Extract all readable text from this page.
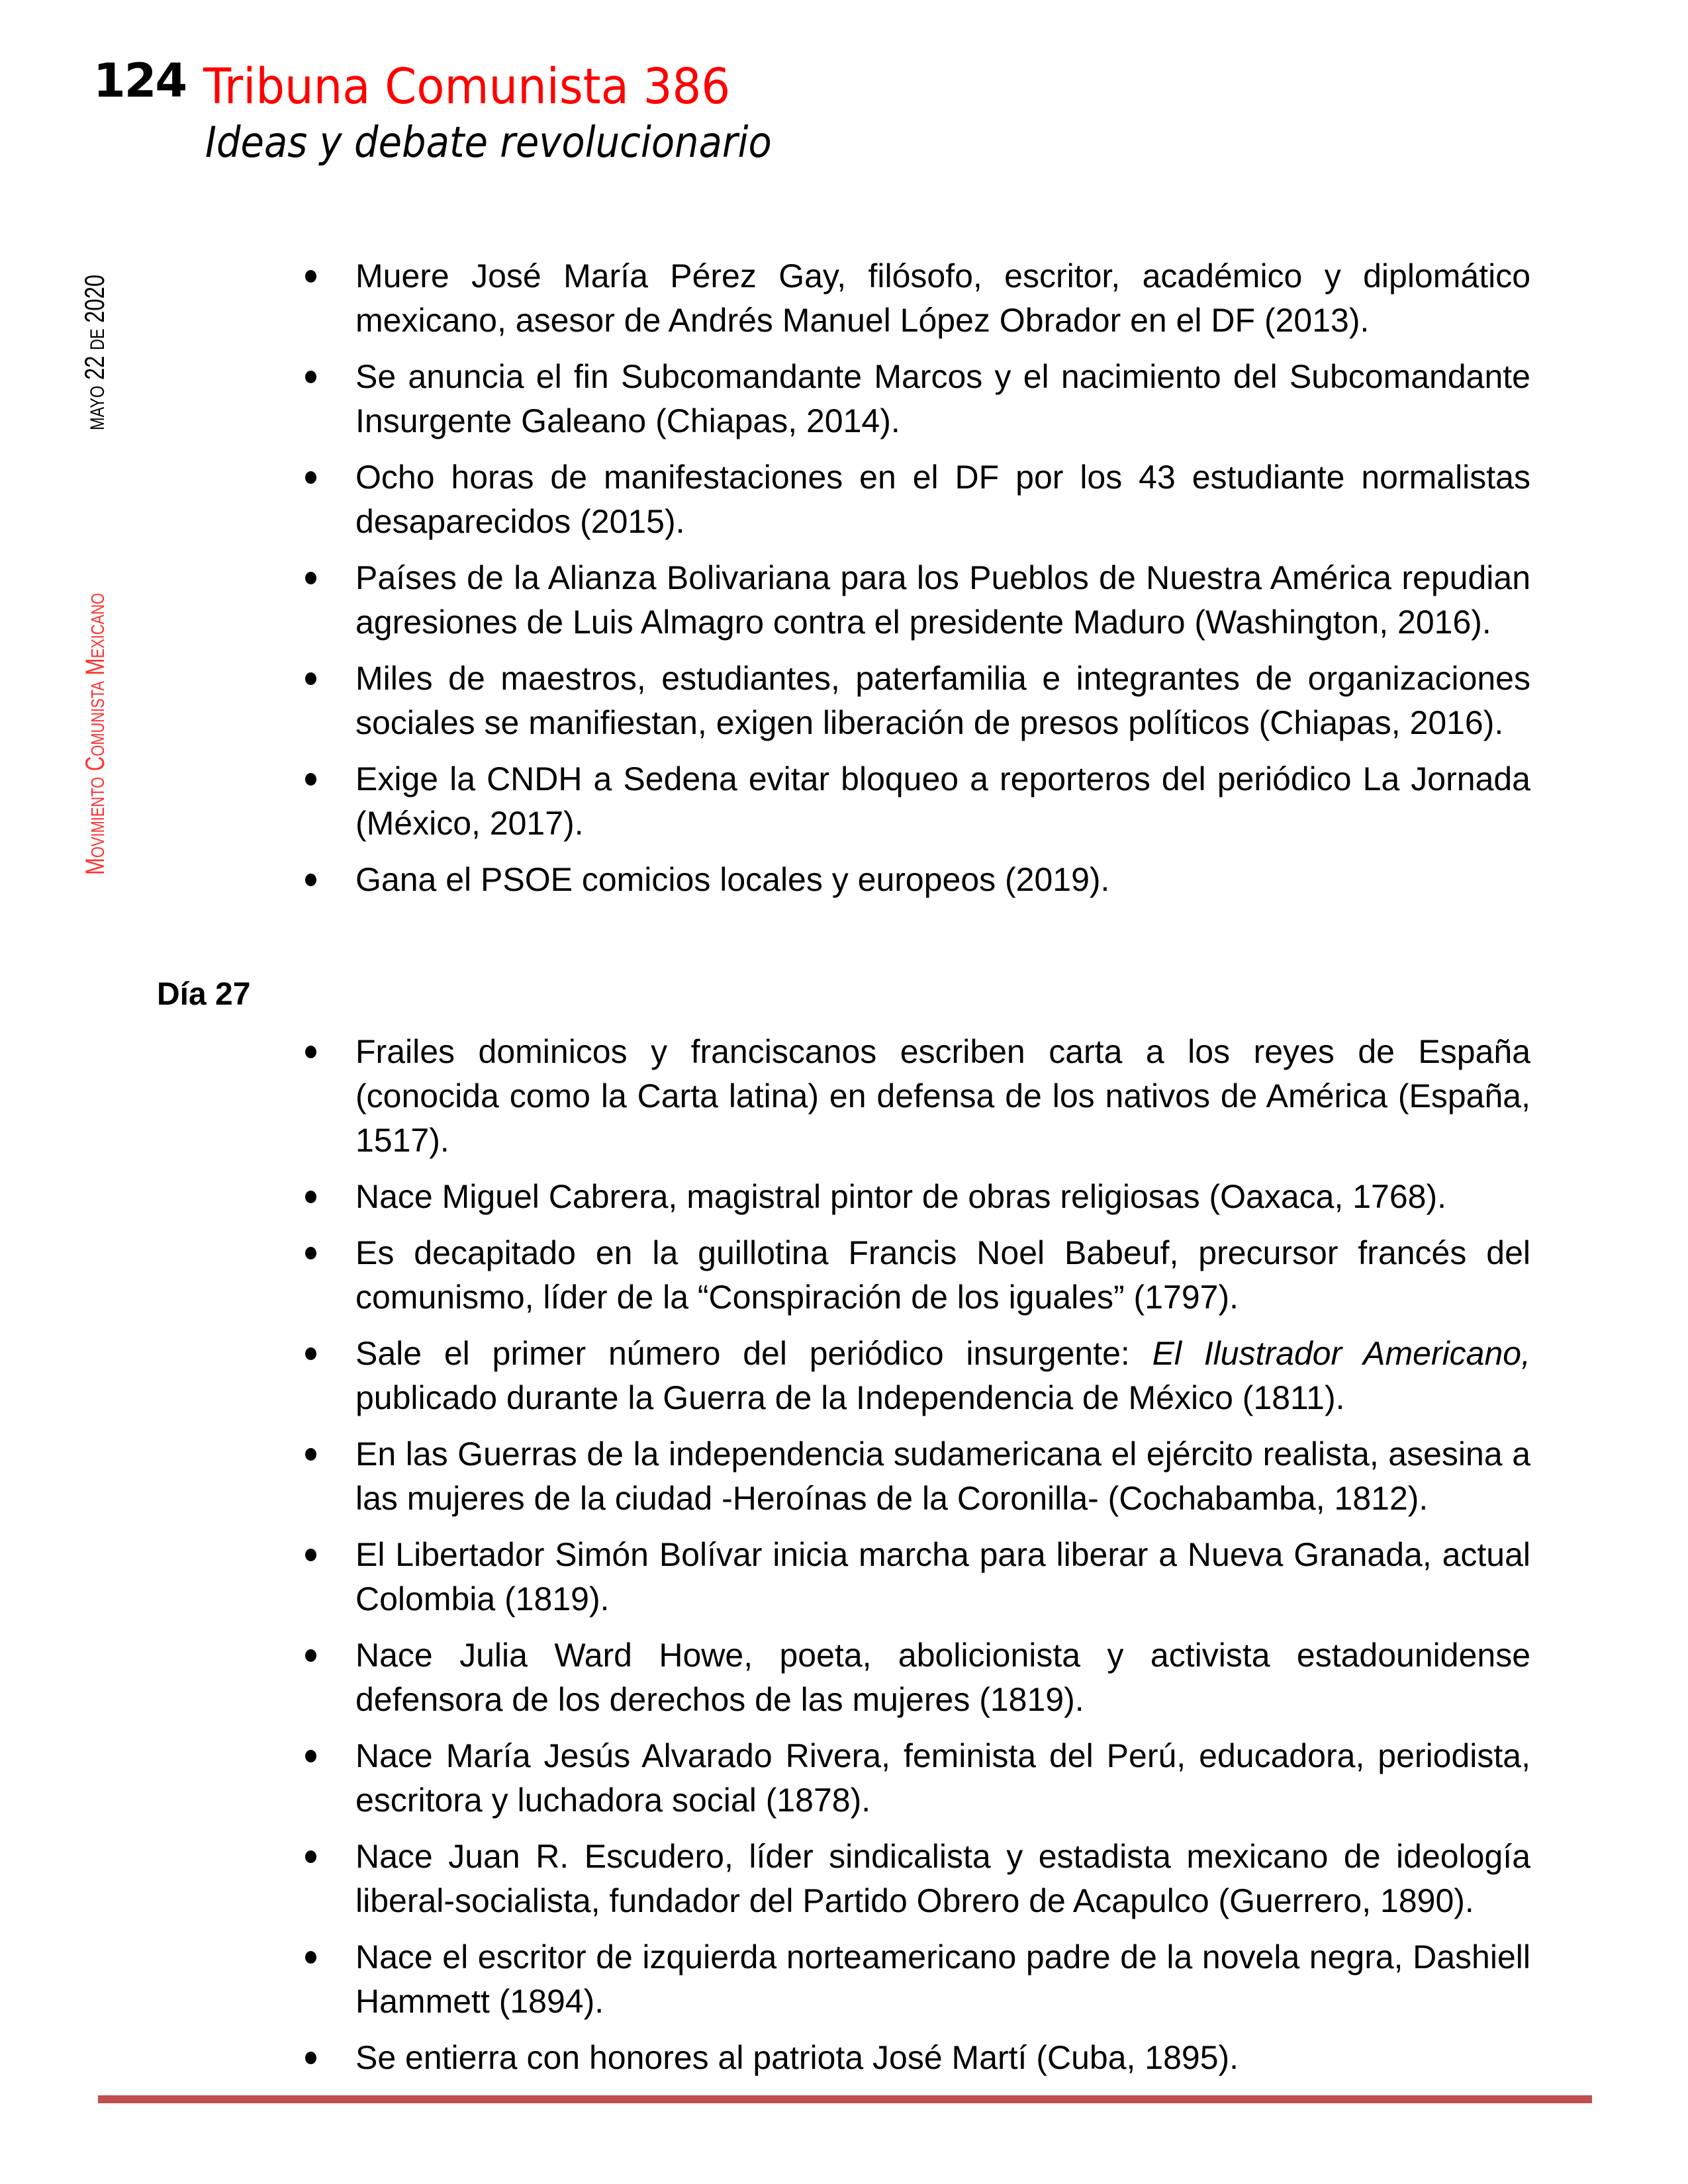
124 Tribuna Comunista 386
Ideas y debate revolucionario
Movimiento Comunista Mexicano
MAYO 22 DE 2020	Muere José María Pérez Gay, filósofo, escritor, académico y diplomático mexicano, asesor de Andrés Manuel López Obrador en el DF (2013).
Se anuncia el fin Subcomandante Marcos y el nacimiento del Subcomandante Insurgente Galeano (Chiapas, 2014).
Ocho horas de manifestaciones en el DF por los 43 estudiante normalistas desaparecidos (2015).
Países de la Alianza Bolivariana para los Pueblos de Nuestra América repudian agresiones de Luis Almagro contra el presidente Maduro (Washington, 2016).
Miles de maestros, estudiantes, paterfamilia e integrantes de organizaciones sociales se manifiestan, exigen liberación de presos políticos (Chiapas, 2016).
Exige la CNDH a Sedena evitar bloqueo a reporteros del periódico La Jornada (México, 2017).
Gana el PSOE comicios locales y europeos (2019).
Día 27
Frailes dominicos y franciscanos escriben carta a los reyes de España (conocida como la Carta latina) en defensa de los nativos de América (España, 1517).
Nace Miguel Cabrera, magistral pintor de obras religiosas (Oaxaca, 1768).
Es decapitado en la guillotina Francis Noel Babeuf, precursor francés del comunismo, líder de la “Conspiración de los iguales” (1797).
Sale el primer número del periódico insurgente: El Ilustrador Americano, publicado durante la Guerra de la Independencia de México (1811).
En las Guerras de la independencia sudamericana el ejército realista, asesina a las mujeres de la ciudad -Heroínas de la Coronilla- (Cochabamba, 1812).
El Libertador Simón Bolívar inicia marcha para liberar a Nueva Granada, actual Colombia (1819).
Nace Julia Ward Howe, poeta, abolicionista y activista estadounidense defensora de los derechos de las mujeres (1819).
Nace María Jesús Alvarado Rivera, feminista del Perú, educadora, periodista, escritora y luchadora social (1878).
Nace Juan R. Escudero, líder sindicalista y estadista mexicano de ideología liberal-socialista, fundador del Partido Obrero de Acapulco (Guerrero, 1890).
Nace el escritor de izquierda norteamericano padre de la novela negra, Dashiell Hammett (1894).
Se entierra con honores al patriota José Martí (Cuba, 1895).
